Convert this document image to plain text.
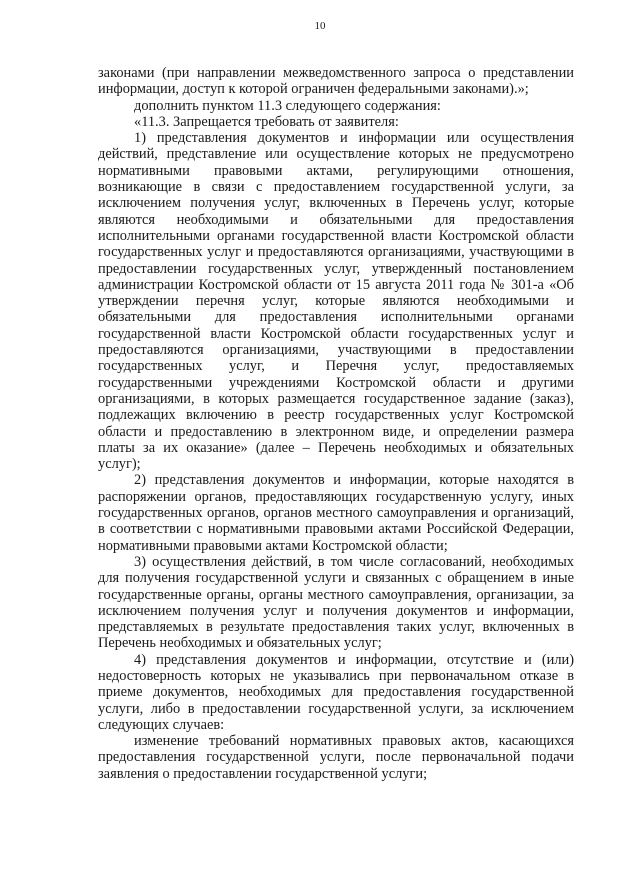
10

законами (при направлении межведомственного запроса о представлении информации, доступ к которой ограничен федеральными законами).»;

дополнить пунктом 11.3 следующего содержания:

«11.3. Запрещается требовать от заявителя:

1) представления документов и информации или осуществления действий, представление или осуществление которых не предусмотрено нормативными правовыми актами, регулирующими отношения, возникающие в связи с предоставлением государственной услуги, за исключением получения услуг, включенных в Перечень услуг, которые являются необходимыми и обязательными для предоставления исполнительными органами государственной власти Костромской области государственных услуг и предоставляются организациями, участвующими в предоставлении государственных услуг, утвержденный постановлением администрации Костромской области от 15 августа 2011 года № 301-а «Об утверждении перечня услуг, которые являются необходимыми и обязательными для предоставления исполнительными органами государственной власти Костромской области государственных услуг и предоставляются организациями, участвующими в предоставлении государственных услуг, и Перечня услуг, предоставляемых государственными учреждениями Костромской области и другими организациями, в которых размещается государственное задание (заказ), подлежащих включению в реестр государственных услуг Костромской области и предоставлению в электронном виде, и определении размера платы за их оказание» (далее – Перечень необходимых и обязательных услуг);

2) представления документов и информации, которые находятся в распоряжении органов, предоставляющих государственную услугу, иных государственных органов, органов местного самоуправления и организаций, в соответствии с нормативными правовыми актами Российской Федерации, нормативными правовыми актами Костромской области;

3) осуществления действий, в том числе согласований, необходимых для получения государственной услуги и связанных с обращением в иные государственные органы, органы местного самоуправления, организации, за исключением получения услуг и получения документов и информации, представляемых в результате предоставления таких услуг, включенных в Перечень необходимых и обязательных услуг;

4) представления документов и информации, отсутствие и (или) недостоверность которых не указывались при первоначальном отказе в приеме документов, необходимых для предоставления государственной услуги, либо в предоставлении государственной услуги, за исключением следующих случаев:

изменение требований нормативных правовых актов, касающихся предоставления государственной услуги, после первоначальной подачи заявления о предоставлении государственной услуги;
